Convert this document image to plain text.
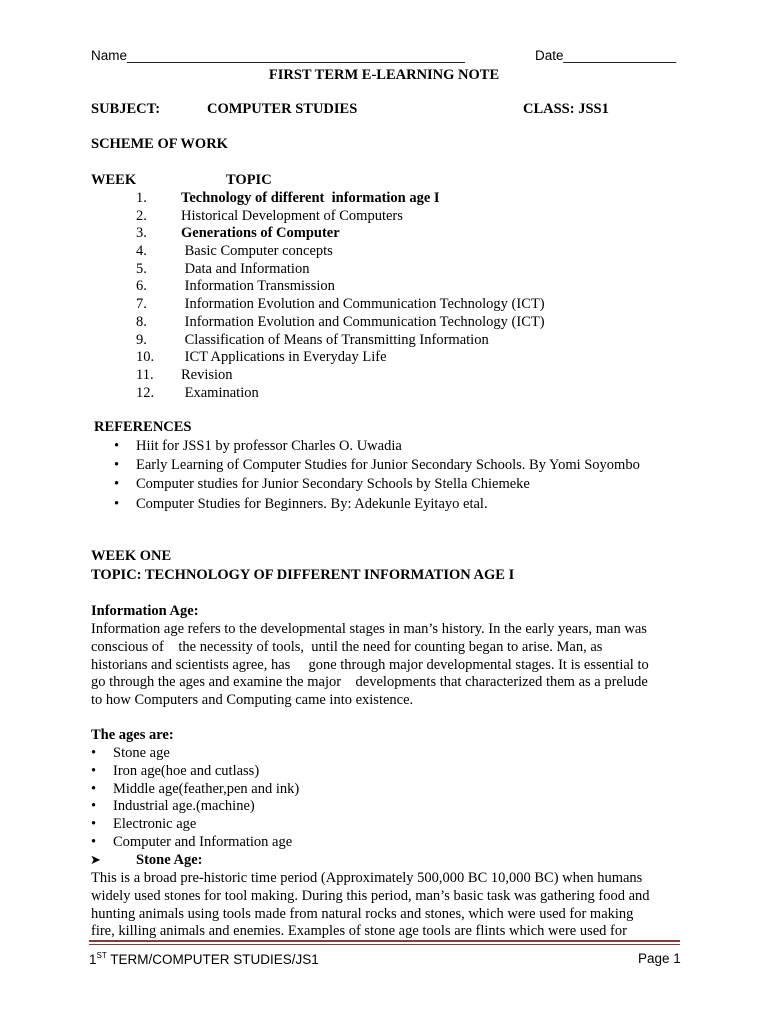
Name_____________________________________________	Date_______________
FIRST TERM E-LEARNING NOTE
SUBJECT:	COMPUTER STUDIES	CLASS: JSS1
SCHEME OF WORK
WEEK	TOPIC
1. Technology of different  information age I
2. Historical Development of Computers
3. Generations of Computer
4. Basic Computer concepts
5. Data and Information
6. Information Transmission
7. Information Evolution and Communication Technology (ICT)
8. Information Evolution and Communication Technology (ICT)
9. Classification of Means of Transmitting Information
10. ICT Applications in Everyday Life
11. Revision
12. Examination
REFERENCES
• Hiit for JSS1 by professor Charles O. Uwadia
• Early Learning of Computer Studies for Junior Secondary Schools. By Yomi Soyombo
• Computer studies for Junior Secondary Schools by Stella Chiemeke
• Computer Studies for Beginners. By: Adekunle Eyitayo etal.
WEEK ONE
TOPIC: TECHNOLOGY OF DIFFERENT INFORMATION AGE I
Information Age:
Information age refers to the developmental stages in man’s history. In the early years, man was
conscious of    the necessity of tools,  until the need for counting began to arise. Man, as
historians and scientists agree, has     gone through major developmental stages. It is essential to
go through the ages and examine the major    developments that characterized them as a prelude
to how Computers and Computing came into existence.
The ages are:
• Stone age
• Iron age(hoe and cutlass)
• Middle age(feather,pen and ink)
• Industrial age.(machine)
• Electronic age
• Computer and Information age
➤ Stone Age:
This is a broad pre-historic time period (Approximately 500,000 BC 10,000 BC) when humans
widely used stones for tool making. During this period, man’s basic task was gathering food and
hunting animals using tools made from natural rocks and stones, which were used for making
fire, killing animals and enemies. Examples of stone age tools are flints which were used for
1ST TERM/COMPUTER STUDIES/JS1	Page 1
